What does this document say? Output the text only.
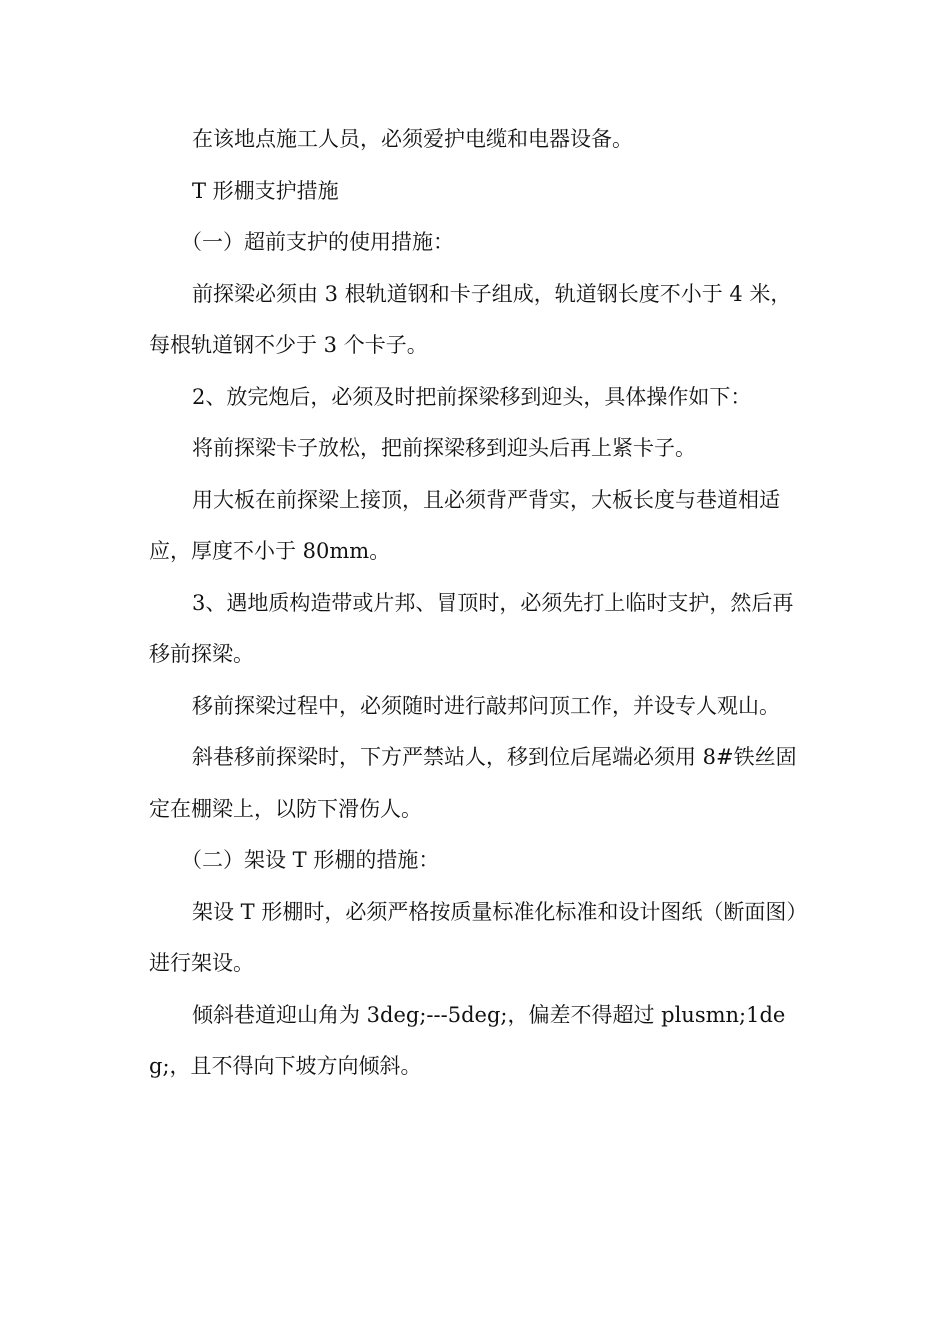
在该地点施工人员，必须爱护电缆和电器设备。

T 形棚支护措施

（一）超前支护的使用措施：

前探梁必须由 3 根轨道钢和卡子组成，轨道钢长度不小于 4 米，每根轨道钢不少于 3 个卡子。

2、放完炮后，必须及时把前探梁移到迎头，具体操作如下：

将前探梁卡子放松，把前探梁移到迎头后再上紧卡子。

用大板在前探梁上接顶，且必须背严背实，大板长度与巷道相适应，厚度不小于 80mm。

3、遇地质构造带或片邦、冒顶时，必须先打上临时支护，然后再移前探梁。

移前探梁过程中，必须随时进行敲邦问顶工作，并设专人观山。

斜巷移前探梁时，下方严禁站人，移到位后尾端必须用 8#铁丝固定在棚梁上，以防下滑伤人。

（二）架设 T 形棚的措施：

架设 T 形棚时，必须严格按质量标准化标准和设计图纸（断面图）进行架设。

倾斜巷道迎山角为 3deg;---5deg;，偏差不得超过 plusmn;1deg;，且不得向下坡方向倾斜。
